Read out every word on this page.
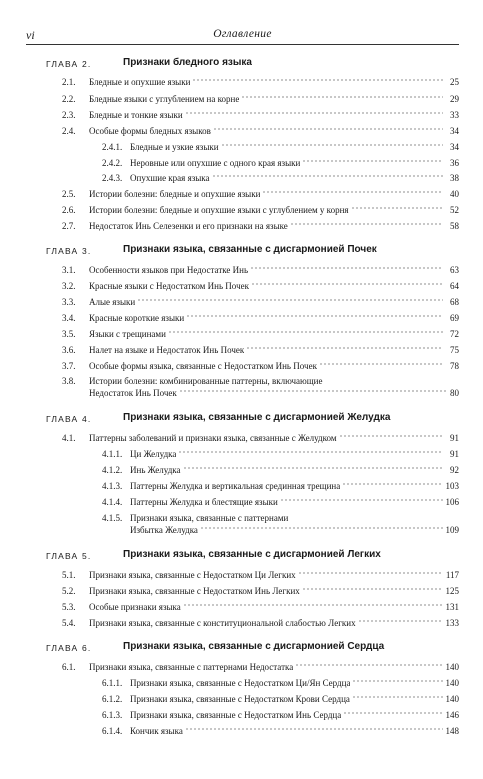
vi	Оглавление
ГЛАВА 2.	Признаки бледного языка
2.1.	Бледные и опухшие языки	25
2.2.	Бледные языки с углублением на корне	29
2.3.	Бледные и тонкие языки	33
2.4.	Особые формы бледных языков	34
2.4.1. Бледные и узкие языки	34
2.4.2. Неровные или опухшие с одного края языки	36
2.4.3. Опухшие края языка	38
2.5.	Истории болезни: бледные и опухшие языки	40
2.6.	Истории болезни: бледные и опухшие языки с углублением у корня	52
2.7.	Недостаток Инь Селезенки и его признаки на языке	58
ГЛАВА 3.	Признаки языка, связанные с дисгармонией Почек
3.1.	Особенности языков при Недостатке Инь	63
3.2.	Красные языки с Недостатком Инь Почек	64
3.3.	Алые языки	68
3.4.	Красные короткие языки	69
3.5.	Языки с трещинами	72
3.6.	Налет на языке и Недостаток Инь Почек	75
3.7.	Особые формы языка, связанные с Недостатком Инь Почек	78
3.8. Истории болезни: комбинированные паттерны, включающие
Недостаток Инь Почек	80
ГЛАВА 4.	Признаки языка, связанные с дисгармонией Желудка
4.1.	Паттерны заболеваний и признаки языка, связанные с Желудком	91
4.1.1. Ци Желудка	91
4.1.2. Инь Желудка	92
4.1.3. Паттерны Желудка и вертикальная срединная трещина	103
4.1.4. Паттерны Желудка и блестящие языки	106
4.1.5. Признаки языка, связанные с паттернами
Избытка Желудка	109
ГЛАВА 5.	Признаки языка, связанные с дисгармонией Легких
5.1.	Признаки языка, связанные с Недостатком Ци Легких	117
5.2.	Признаки языка, связанные с Недостатком Инь Легких	125
5.3.	Особые признаки языка	131
5.4.	Признаки языка, связанные с конституциональной слабостью Легких	133
ГЛАВА 6.	Признаки языка, связанные с дисгармонией Сердца
6.1.	Признаки языка, связанные с паттернами Недостатка	140
6.1.1. Признаки языка, связанные с Недостатком Ци/Ян Сердца	140
6.1.2. Признаки языка, связанные с Недостатком Крови Сердца	140
6.1.3. Признаки языка, связанные с Недостатком Инь Сердца	146
6.1.4. Кончик языка	148
